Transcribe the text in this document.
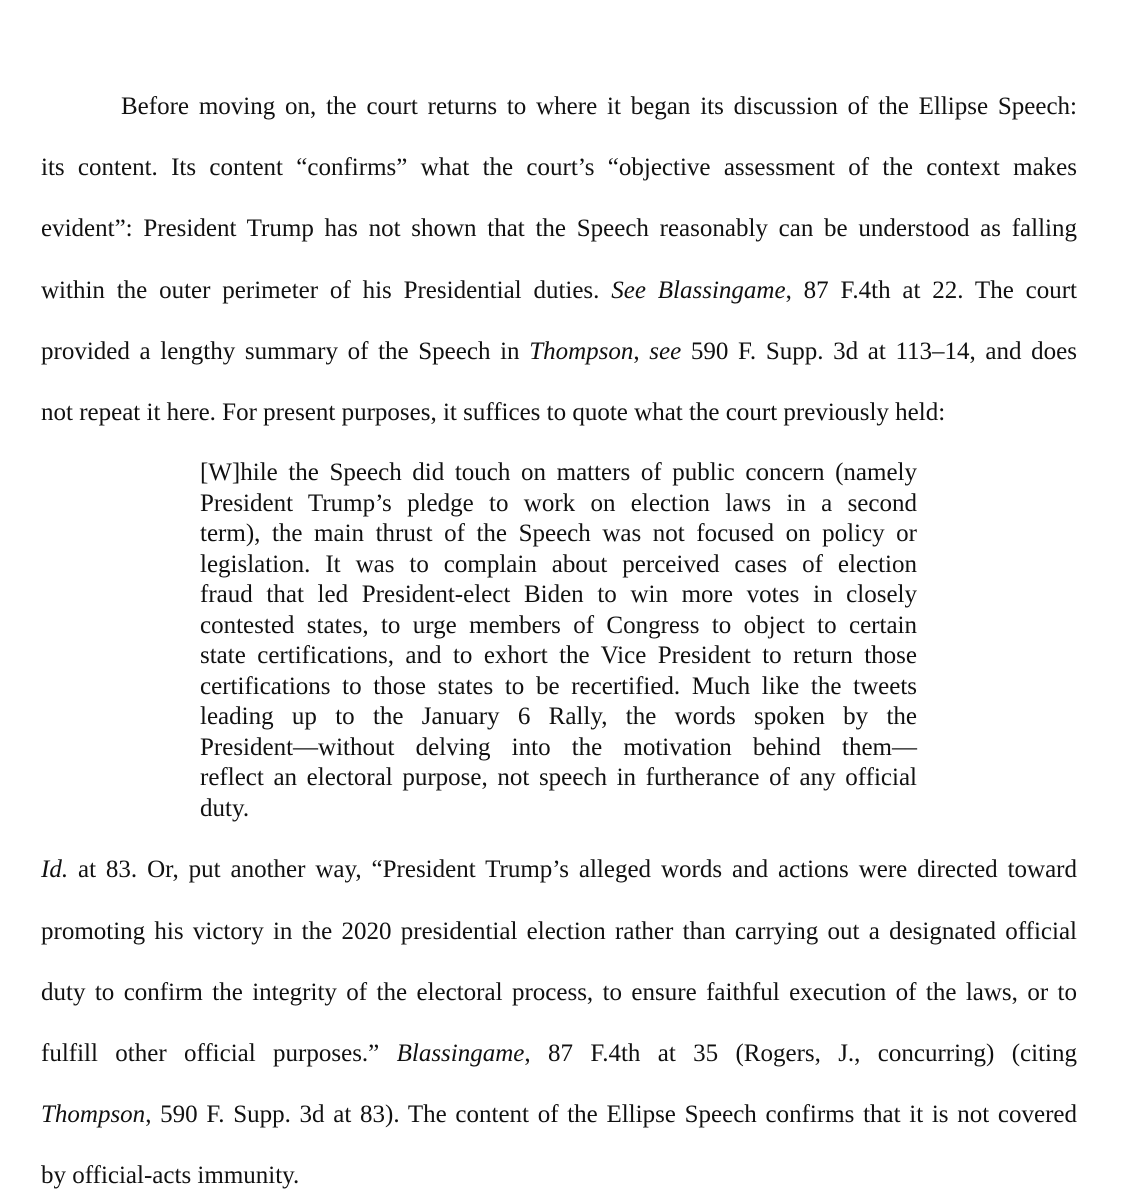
Before moving on, the court returns to where it began its discussion of the Ellipse Speech:
its content. Its content “confirms” what the court’s “objective assessment of the context makes
evident”: President Trump has not shown that the Speech reasonably can be understood as falling
within the outer perimeter of his Presidential duties. See Blassingame, 87 F.4th at 22. The court
provided a lengthy summary of the Speech in Thompson, see 590 F. Supp. 3d at 113–14, and does
not repeat it here. For present purposes, it suffices to quote what the court previously held:
[W]hile the Speech did touch on matters of public concern (namely
President Trump’s pledge to work on election laws in a second
term), the main thrust of the Speech was not focused on policy or
legislation. It was to complain about perceived cases of election
fraud that led President-elect Biden to win more votes in closely
contested states, to urge members of Congress to object to certain
state certifications, and to exhort the Vice President to return those
certifications to those states to be recertified. Much like the tweets
leading up to the January 6 Rally, the words spoken by the
President—without delving into the motivation behind them—
reflect an electoral purpose, not speech in furtherance of any official
duty.
Id. at 83. Or, put another way, “President Trump’s alleged words and actions were directed toward
promoting his victory in the 2020 presidential election rather than carrying out a designated official
duty to confirm the integrity of the electoral process, to ensure faithful execution of the laws, or to
fulfill other official purposes.” Blassingame, 87 F.4th at 35 (Rogers, J., concurring) (citing
Thompson, 590 F. Supp. 3d at 83). The content of the Ellipse Speech confirms that it is not covered
by official-acts immunity.
